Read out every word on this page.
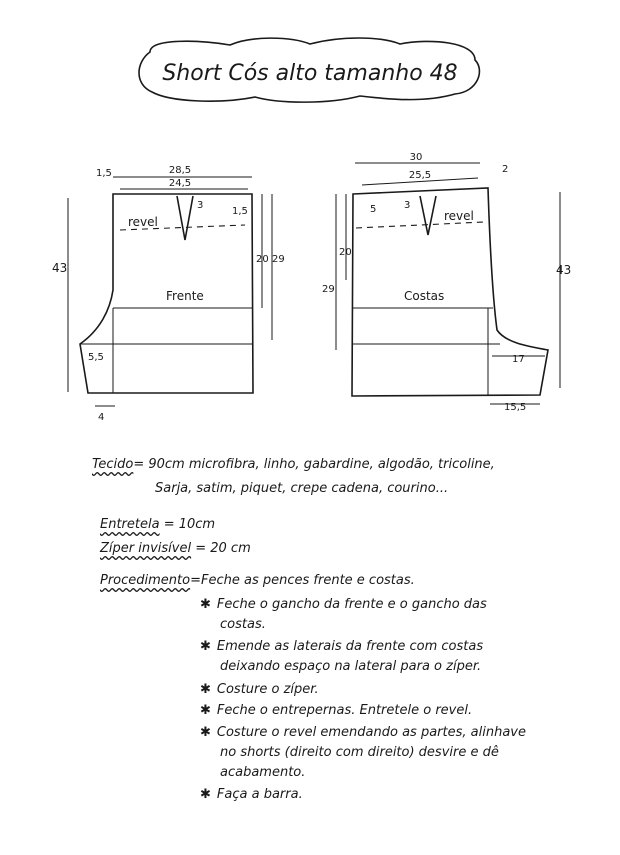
Short Cós alto tamanho 48
28,5
24,5
1,5
3
1,5
20 29
43
5,5
4
revel
Frente
30
25,5
2
3
5
20
29
43
17
15,5
revel
Costas
Tecido= 90cm microfibra, linho, gabardine, algodão, tricoline,
Sarja, satim, piquet, crepe cadena, courino...
Entretela = 10cm
Zíper invisível = 20 cm
Procedimento=Feche as pences frente e costas.
✱ Feche o gancho da frente e o gancho das
costas.
✱ Emende as laterais da frente com costas
deixando espaço na lateral para o zíper.
✱ Costure o zíper.
✱ Feche o entrepernas. Entretele o revel.
✱ Costure o revel emendando as partes, alinhave
no shorts (direito com direito) desvire e dê
acabamento.
✱ Faça a barra.
